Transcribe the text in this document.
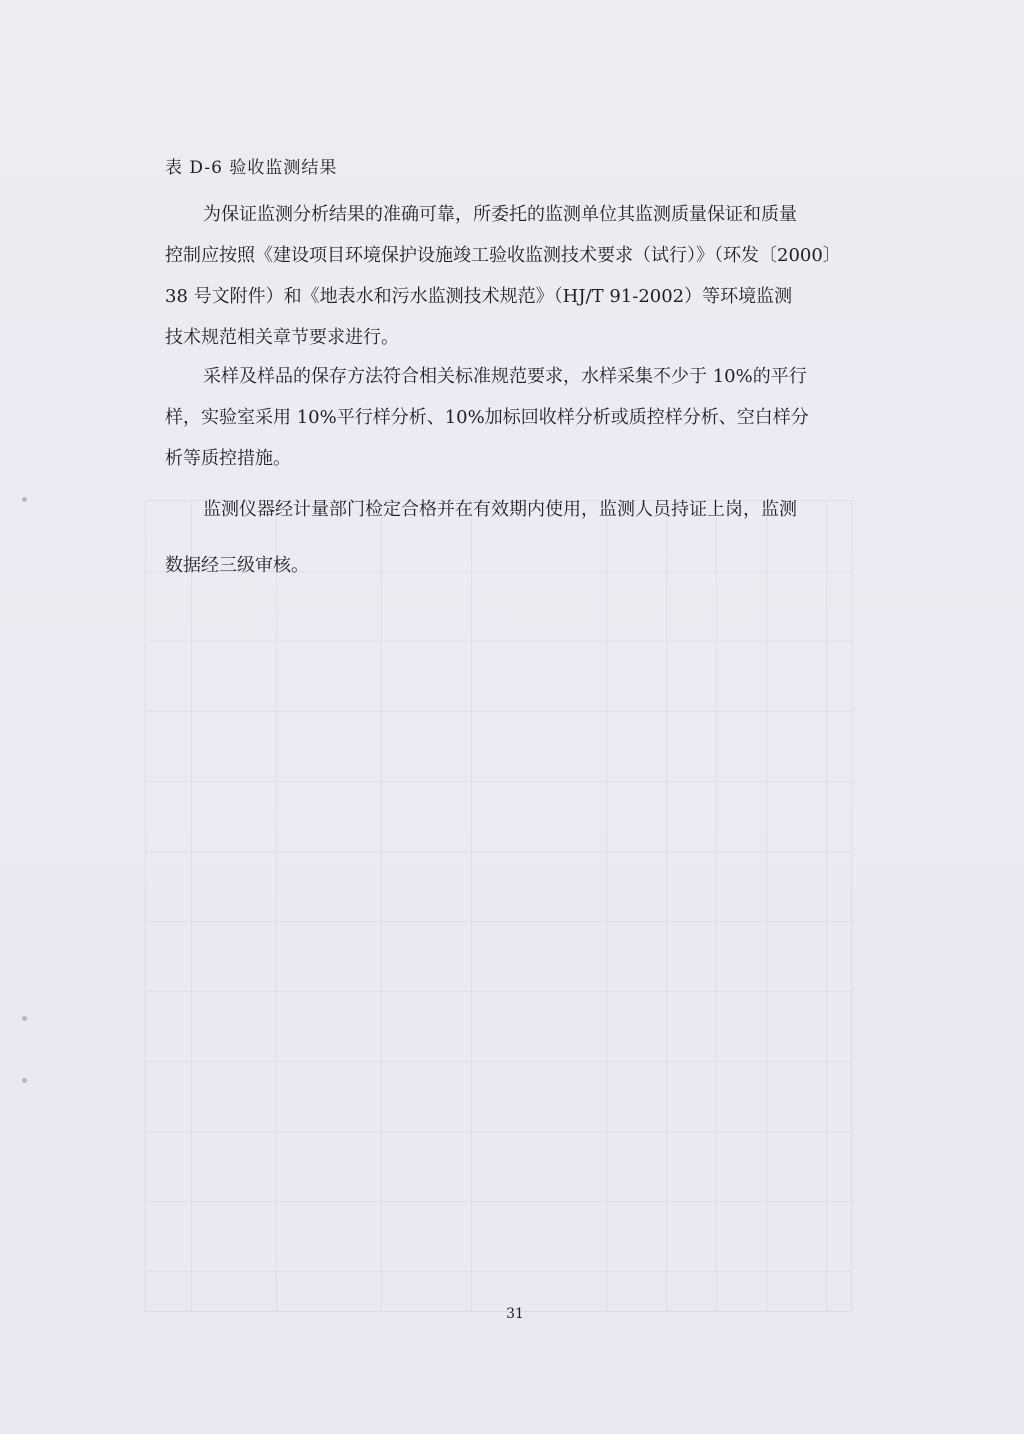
表 D-6 验收监测结果

为保证监测分析结果的准确可靠，所委托的监测单位其监测质量保证和质量
控制应按照《建设项目环境保护设施竣工验收监测技术要求（试行）》（环发〔2000〕
38 号文附件）和《地表水和污水监测技术规范》（HJ/T 91-2002）等环境监测
技术规范相关章节要求进行。

采样及样品的保存方法符合相关标准规范要求，水样采集不少于 10%的平行
样，实验室采用 10%平行样分析、10%加标回收样分析或质控样分析、空白样分
析等质控措施。

监测仪器经计量部门检定合格并在有效期内使用，监测人员持证上岗，监测
数据经三级审核。

31
